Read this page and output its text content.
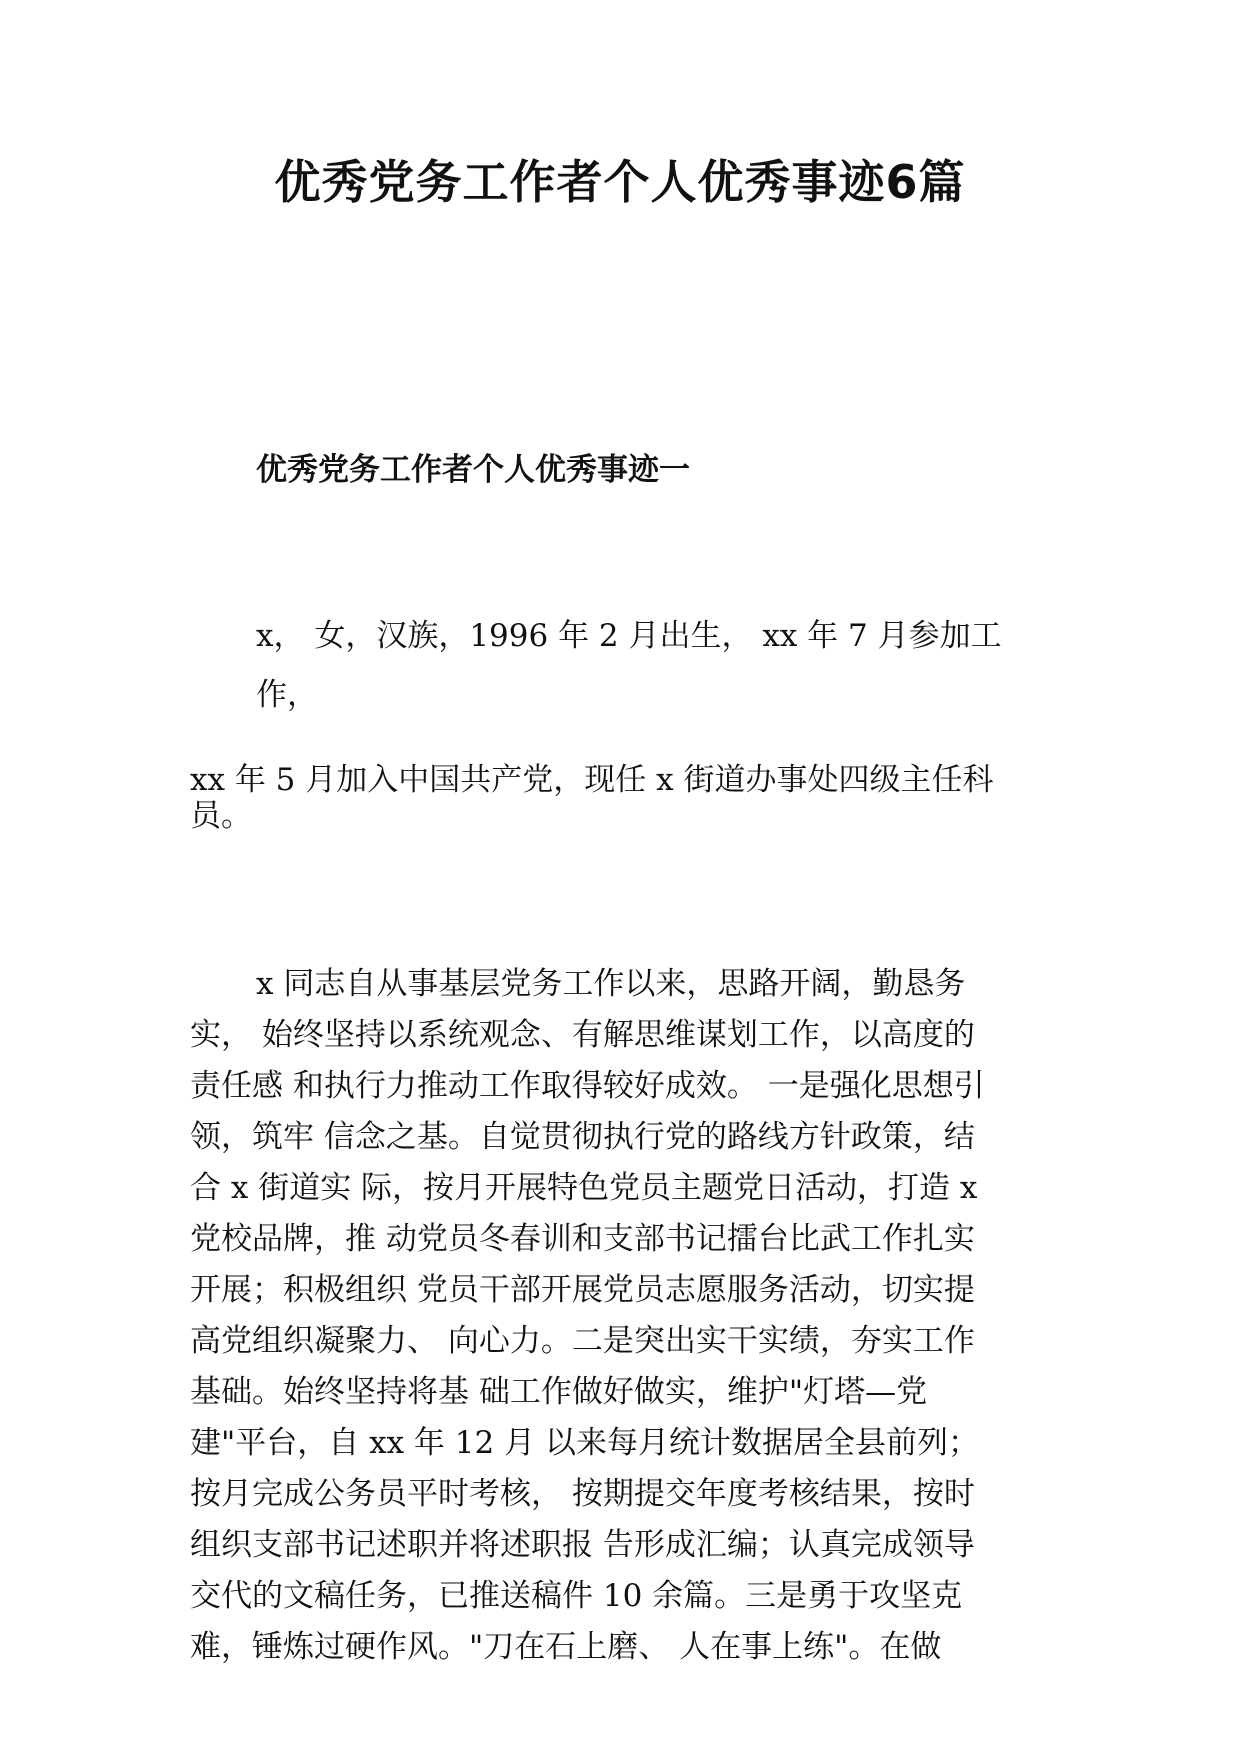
优秀党务工作者个人优秀事迹6篇
优秀党务工作者个人优秀事迹一

x， 女，汉族，1996 年 2 月出生， xx 年 7 月参加工

作，

xx 年 5 月加入中国共产党，现任 x 街道办事处四级主任科

员。

x 同志自从事基层党务工作以来，思路开阔，勤恳务
实， 始终坚持以系统观念、有解思维谋划工作，以高度的
责任感 和执行力推动工作取得较好成效。 一是强化思想引
领，筑牢 信念之基。自觉贯彻执行党的路线方针政策，结
合 x 街道实 际，按月开展特色党员主题党日活动，打造 x
党校品牌，推 动党员冬春训和支部书记擂台比武工作扎实
开展；积极组织 党员干部开展党员志愿服务活动，切实提
高党组织凝聚力、 向心力。二是突出实干实绩，夯实工作
基础。始终坚持将基 础工作做好做实，维护"灯塔—党
建"平台，自 xx 年 12 月 以来每月统计数据居全县前列；
按月完成公务员平时考核， 按期提交年度考核结果，按时
组织支部书记述职并将述职报 告形成汇编；认真完成领导
交代的文稿任务，已推送稿件 10 余篇。三是勇于攻坚克
难，锤炼过硬作风。"刀在石上磨、 人在事上练"。在做
